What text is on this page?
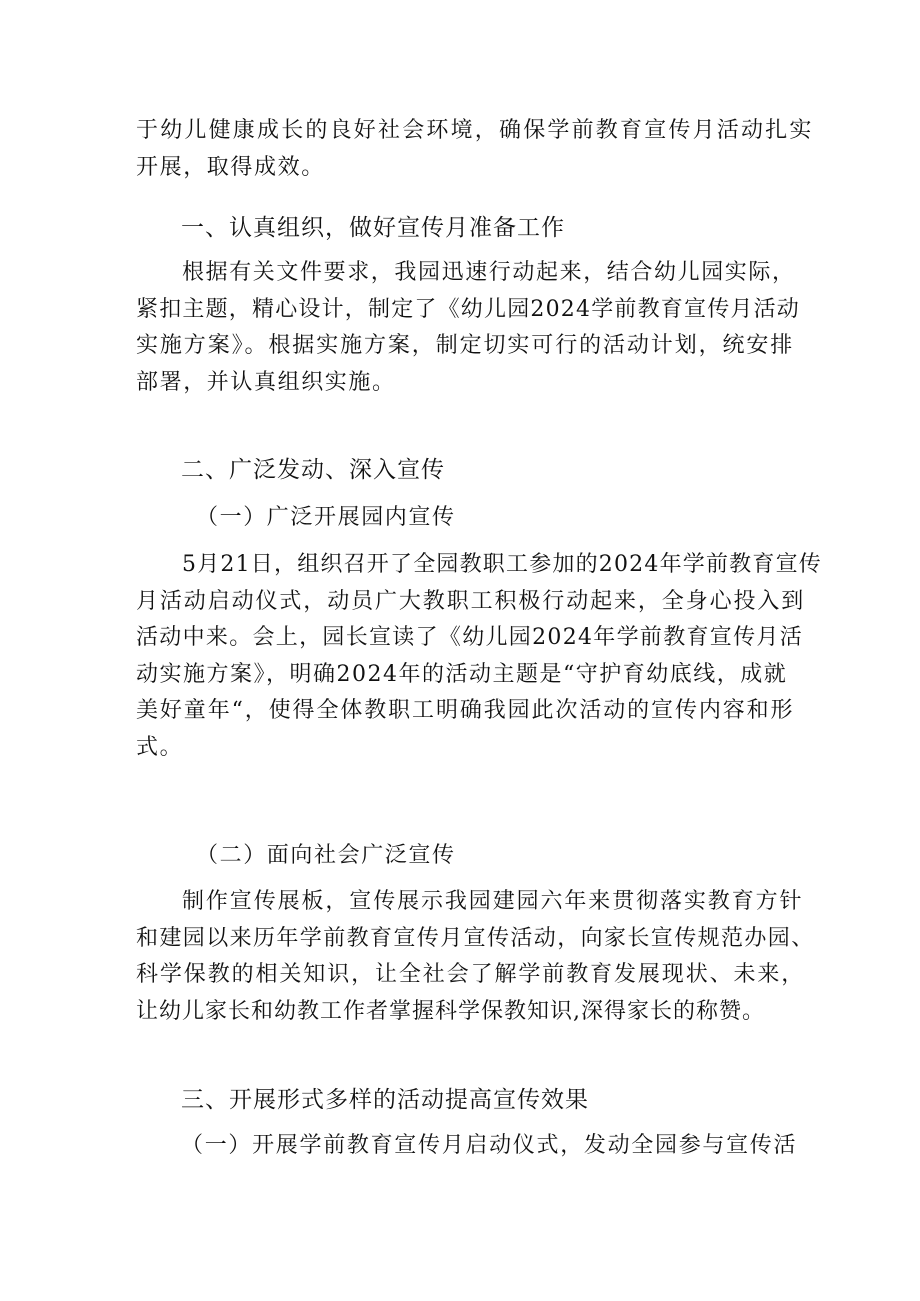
于幼儿健康成长的良好社会环境，确保学前教育宣传月活动扎实
开展，取得成效。
一、认真组织，做好宣传月准备工作
根据有关文件要求，我园迅速行动起来，结合幼儿园实际，
紧扣主题，精心设计，制定了《幼儿园2024学前教育宣传月活动
实施方案》。根据实施方案，制定切实可行的活动计划，统安排
部署，并认真组织实施。
二、广泛发动、深入宣传
（一）广泛开展园内宣传
5月21日，组织召开了全园教职工参加的2024年学前教育宣传
月活动启动仪式，动员广大教职工积极行动起来，全身心投入到
活动中来。会上，园长宣读了《幼儿园2024年学前教育宣传月活
动实施方案》，明确2024年的活动主题是“守护育幼底线，成就
美好童年“，使得全体教职工明确我园此次活动的宣传内容和形
式。
（二）面向社会广泛宣传
制作宣传展板，宣传展示我园建园六年来贯彻落实教育方针
和建园以来历年学前教育宣传月宣传活动，向家长宣传规范办园、
科学保教的相关知识，让全社会了解学前教育发展现状、未来，
让幼儿家长和幼教工作者掌握科学保教知识,深得家长的称赞。
三、开展形式多样的活动提高宣传效果
（一）开展学前教育宣传月启动仪式，发动全园参与宣传活
